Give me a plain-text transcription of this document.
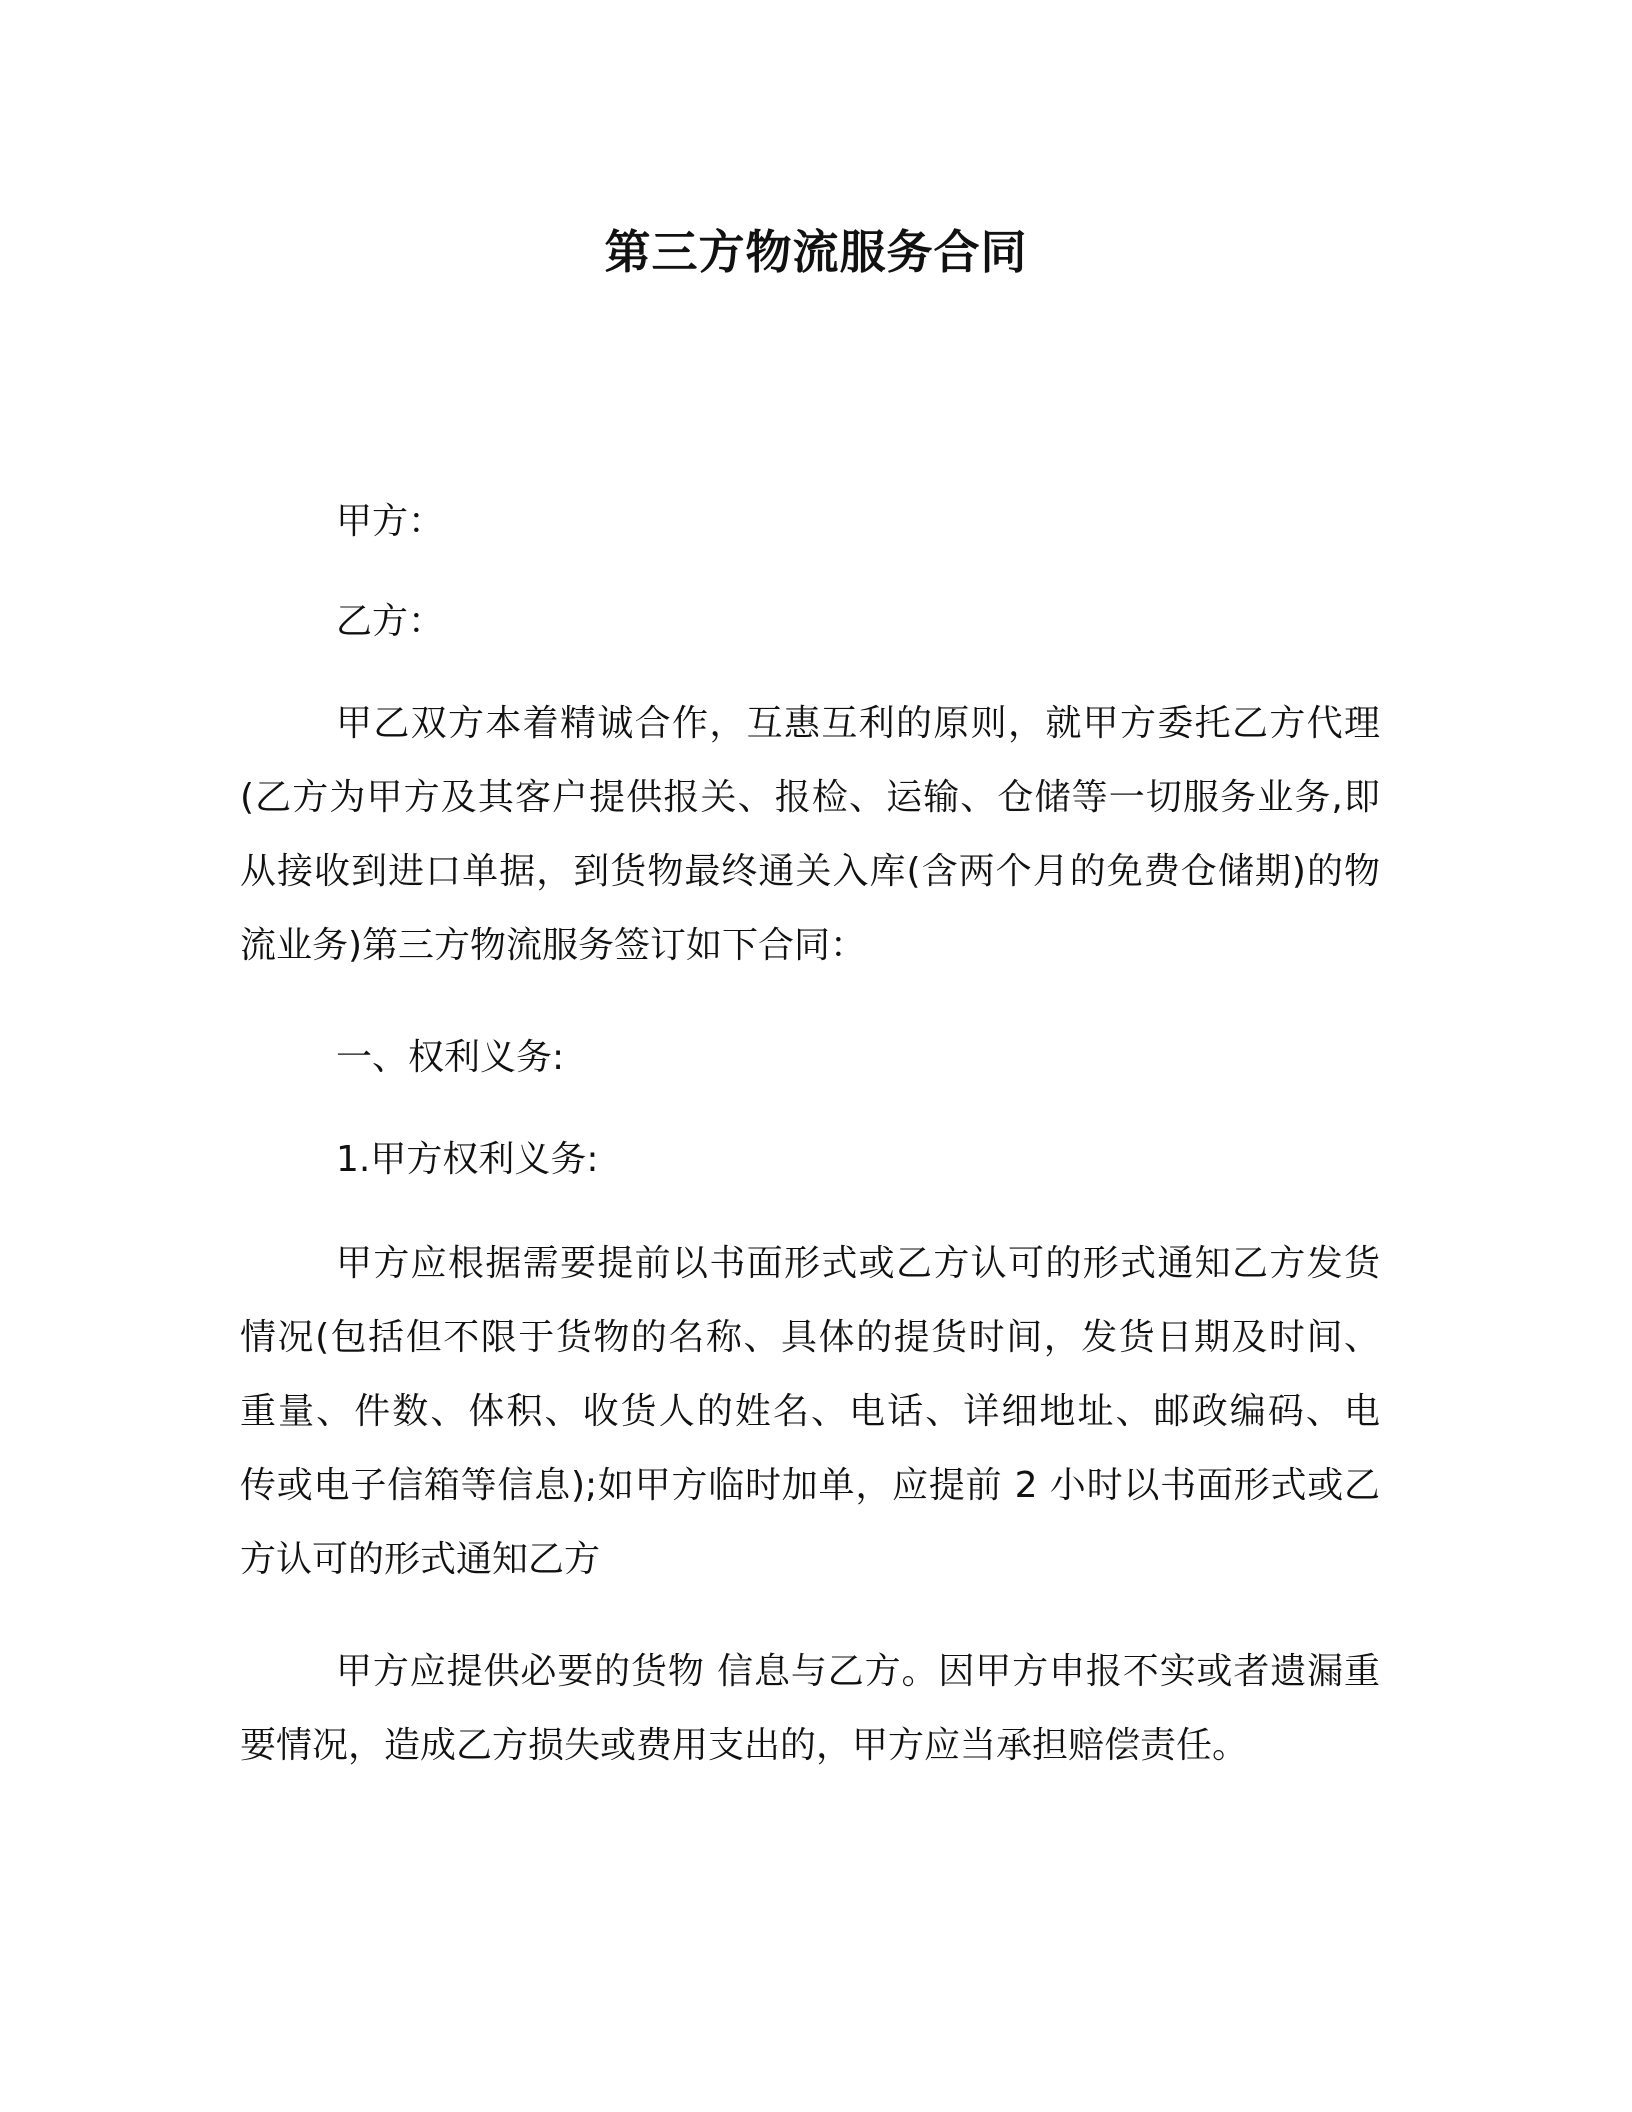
第三方物流服务合同

甲方：

乙方：

甲乙双方本着精诚合作，互惠互利的原则，就甲方委托乙方代理

(乙方为甲方及其客户提供报关、报检、运输、仓储等一切服务业务,即

从接收到进口单据，到货物最终通关入库(含两个月的免费仓储期)的物

流业务)第三方物流服务签订如下合同：

一、权利义务:

1.甲方权利义务:

甲方应根据需要提前以书面形式或乙方认可的形式通知乙方发货

情况(包括但不限于货物的名称、具体的提货时间，发货日期及时间、

重量、件数、体积、收货人的姓名、电话、详细地址、邮政编码、电

传或电子信箱等信息);如甲方临时加单，应提前 2 小时以书面形式或乙

方认可的形式通知乙方

甲方应提供必要的货物 信息与乙方。因甲方申报不实或者遗漏重

要情况，造成乙方损失或费用支出的，甲方应当承担赔偿责任。
